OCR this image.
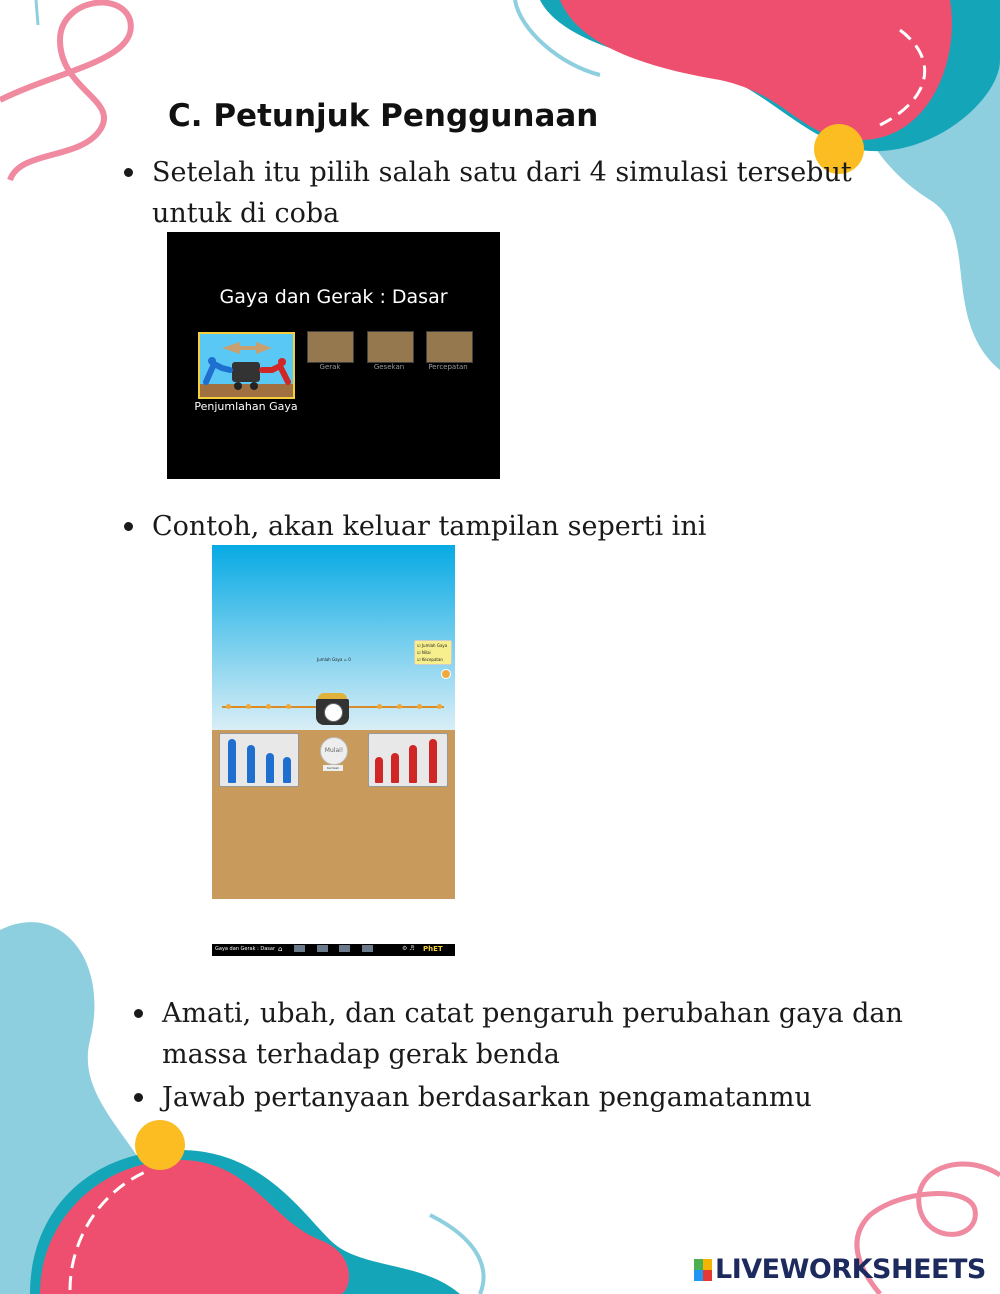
C. Petunjuk Penggunaan
Setelah itu pilih salah satu dari 4 simulasi tersebut
untuk di coba
Gaya dan Gerak : Dasar
Penjumlahan Gaya
Gerak	Gesekan	Percepatan
Contoh, akan keluar tampilan seperti ini
Jumlah Gaya = 0
☑ Jumlah Gaya
☑ Nilai
☑ Kecepatan
Mulai!
Kembali
Gaya dan Gerak : Dasar ⌂	⚙ ♬ PhET
Amati, ubah, dan catat pengaruh perubahan gaya dan
massa terhadap gerak benda
Jawab pertanyaan berdasarkan pengamatanmu
LIVEWORKSHEETS
